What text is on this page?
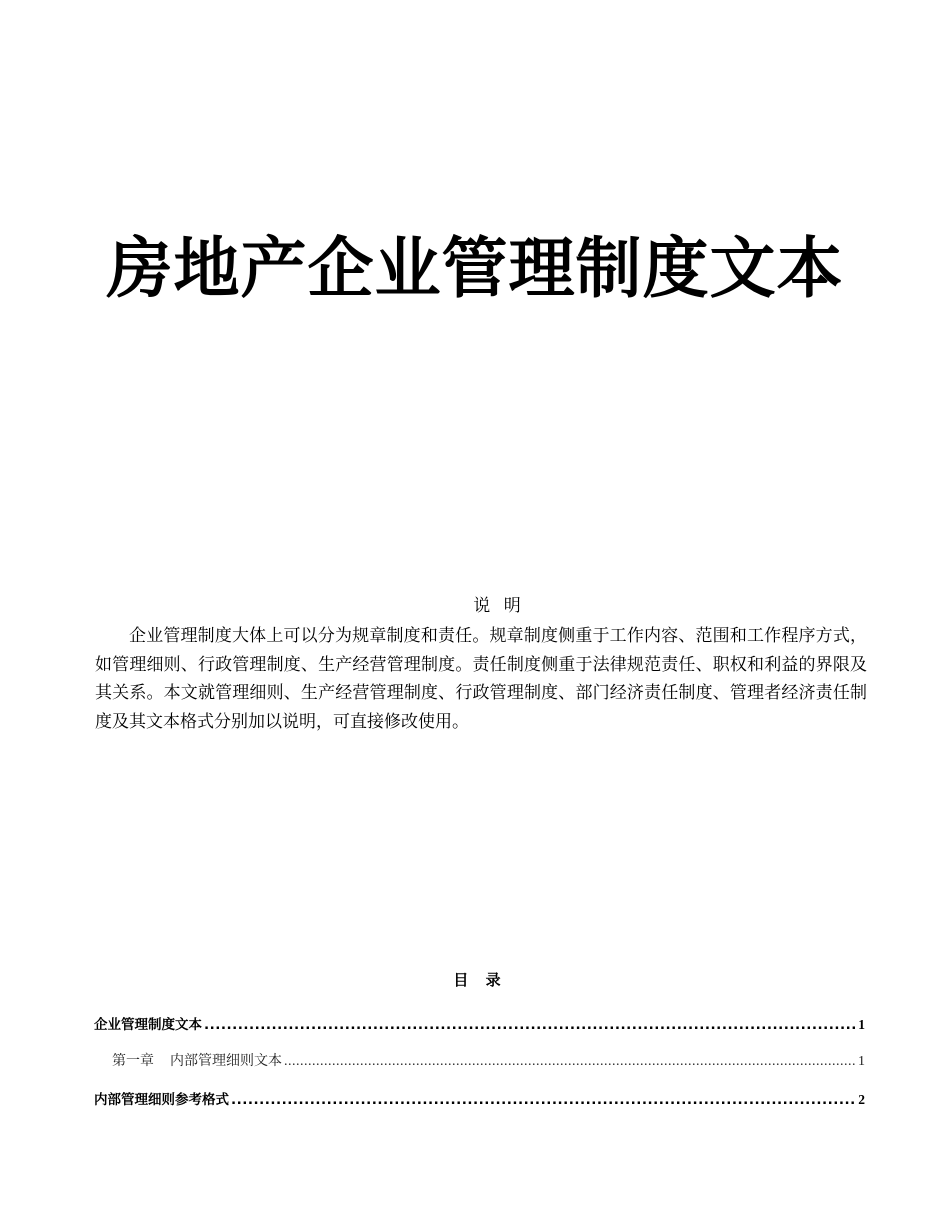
房地产企业管理制度文本
说 明

企业管理制度大体上可以分为规章制度和责任。规章制度侧重于工作内容、范围和工作程序方式，如管理细则、行政管理制度、生产经营管理制度。责任制度侧重于法律规范责任、职权和利益的界限及其关系。本文就管理细则、生产经营管理制度、行政管理制度、部门经济责任制度、管理者经济责任制度及其文本格式分别加以说明，可直接修改使用。

目 录
企业管理制度文本 .....	1
第一章 内部管理细则文本 .....	1
内部管理细则参考格式 .....	2
